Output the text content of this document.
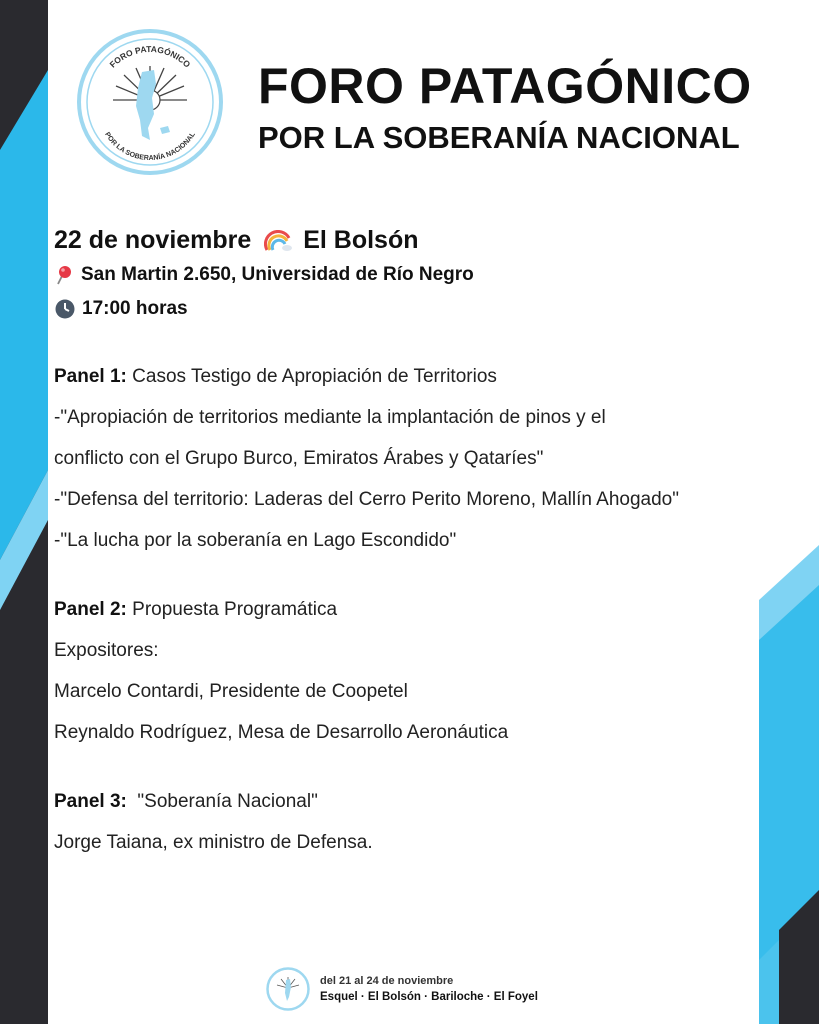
FORO PATAGÓNICO
POR LA SOBERANÍA NACIONAL
FORO PATAGÓNICO
POR LA SOBERANÍA NACIONAL
22 de noviembre El Bolsón
San Martin 2.650, Universidad de Río Negro
17:00 horas
Panel 1: Casos Testigo de Apropiación de Territorios
-"Apropiación de territorios mediante la implantación de pinos y el
conflicto con el Grupo Burco, Emiratos Árabes y Qataríes"
-"Defensa del territorio: Laderas del Cerro Perito Moreno, Mallín Ahogado"
-"La lucha por la soberanía en Lago Escondido"
Panel 2: Propuesta Programática
Expositores:
Marcelo Contardi, Presidente de Coopetel
Reynaldo Rodríguez, Mesa de Desarrollo Aeronáutica
Panel 3:  "Soberanía Nacional"
Jorge Taiana, ex ministro de Defensa.
del 21 al 24 de noviembre
Esquel · El Bolsón · Bariloche · El Foyel
